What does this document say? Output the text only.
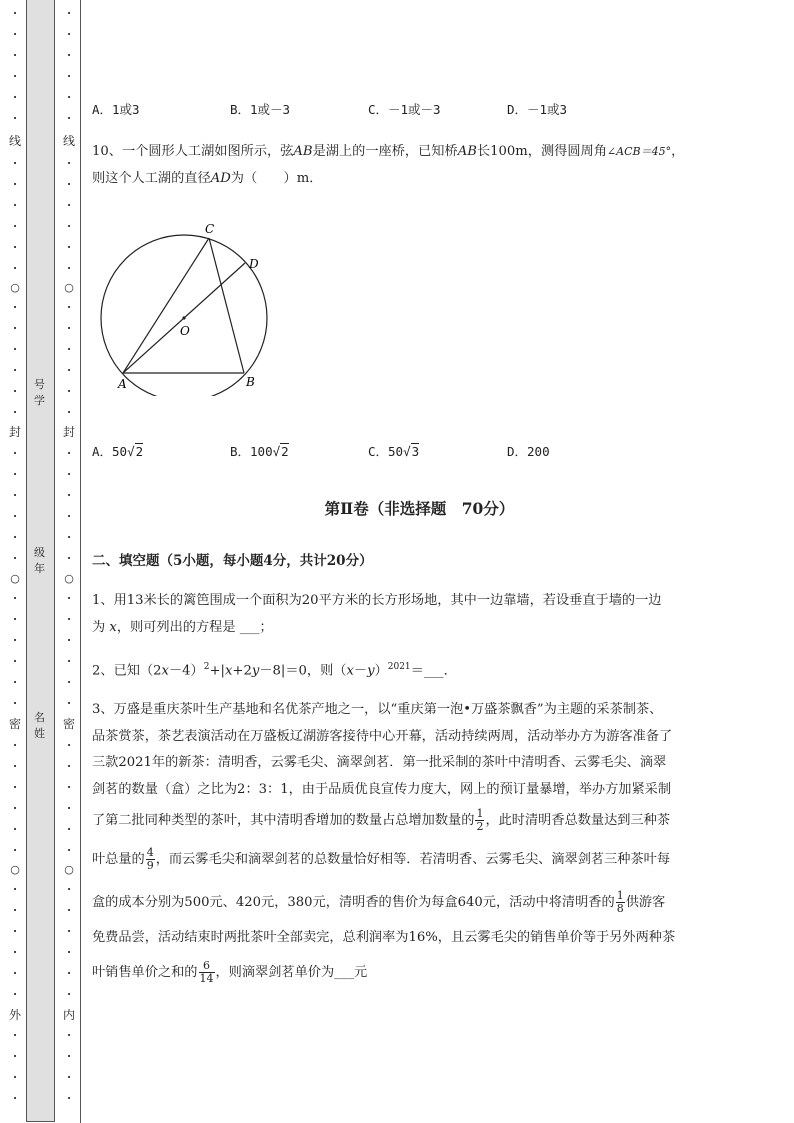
·
·
·
·
·
·
线
·
·
·
·
·
·
○
·
·
·
·
·
·
封
·
·
·
·
·
·
○
·
·
·
·
·
·
密
·
·
·
·
·
·
○
·
·
·
·
·
·
外
·
·
·
·
·
·
·
·
·
·
线
·
·
·
·
·
·
○
·
·
·
·
·
·
封
·
·
·
·
·
·
○
·
·
·
·
·
·
密
·
·
·
·
·
·
○
·
·
·
·
·
·
内
·
·
·
·
号学
级年
名姓
A．1或3	B．1或－3	C．－1或－3	D．－1或3
10、一个圆形人工湖如图所示，弦AB是湖上的一座桥，已知桥AB长100m，测得圆周角∠ACB＝45°，
则这个人工湖的直径AD为（　　）m．
A	B
C
D
O
A．50√2	B．100√2	C．50√3	D．200
第Ⅱ卷（非选择题　70分）
二、填空题（5小题，每小题4分，共计20分）
1、用13米长的篱笆围成一个面积为20平方米的长方形场地，其中一边靠墙，若设垂直于墙的一边
为 x，则可列出的方程是 ___；
2、已知$(2x-4)^2+|x+2y-8|=0$，则$(x-y)^{2021}=\_\_\_$．
3、万盛是重庆茶叶生产基地和名优茶产地之一，以“重庆第一泡•万盛茶飘香”为主题的采茶制茶、
品茶赏茶，茶艺表演活动在万盛板辽湖游客接待中心开幕，活动持续两周，活动举办方为游客准备了
三款2021年的新茶：清明香，云雾毛尖、滴翠剑茗．第一批采制的茶叶中清明香、云雾毛尖、滴翠
剑茗的数量（盒）之比为2：3：1，由于品质优良宣传力度大，网上的预订量暴增，举办方加紧采制
了第二批同种类型的茶叶，其中清明香增加的数量占总增加数量的 $\frac{1}{2}$ ，此时清明香总数量达到三种茶
叶总量的 $\frac{4}{9}$ ，而云雾毛尖和滴翠剑茗的总数量恰好相等．若清明香、云雾毛尖、滴翠剑茗三种茶叶每
盒的成本分别为500元、420元，380元，清明香的售价为每盒640元，活动中将清明香的 $\frac{1}{8}$ 供游客
免费品尝，活动结束时两批茶叶全部卖完，总利润率为16%，且云雾毛尖的销售单价等于另外两种茶
叶销售单价之和的 $\frac{6}{14}$ ，则滴翠剑茗单价为___元
